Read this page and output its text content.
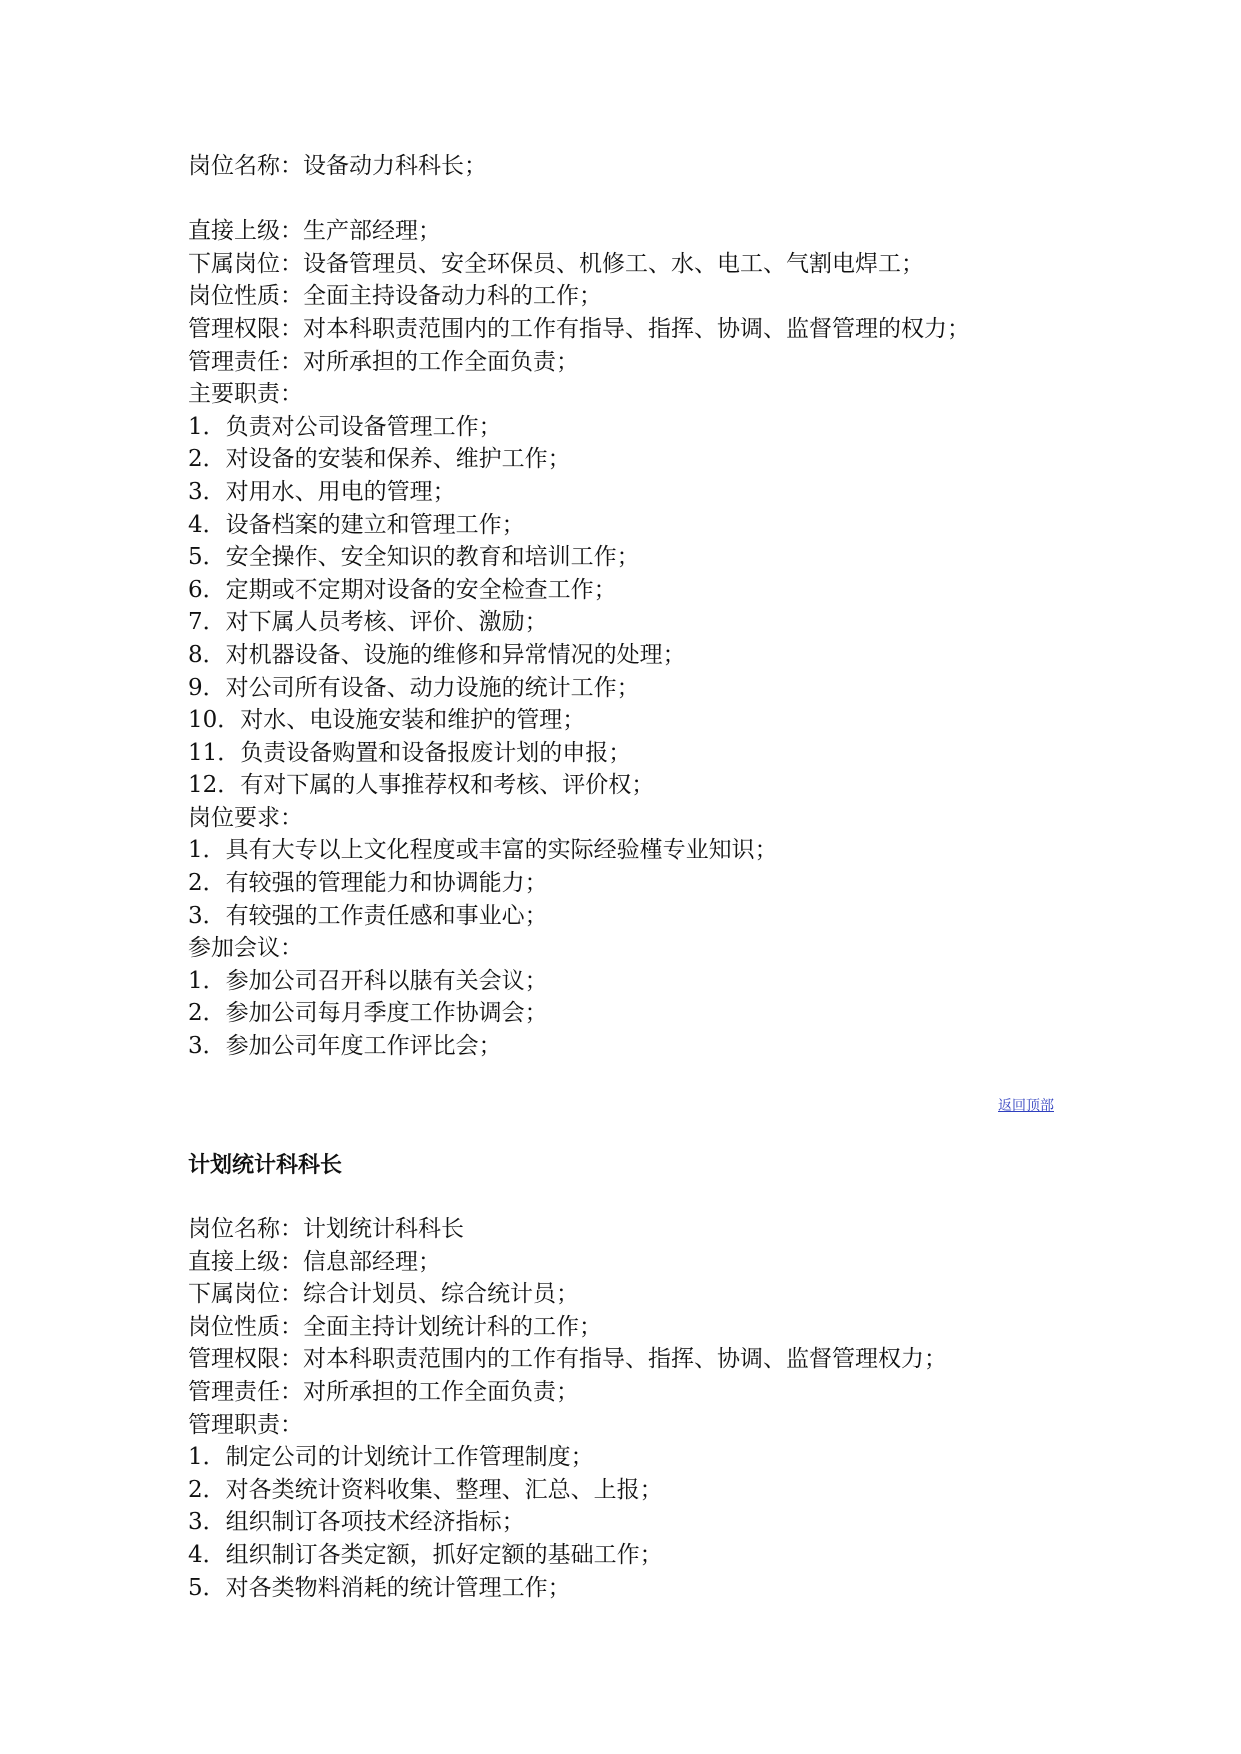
岗位名称：设备动力科科长；
直接上级：生产部经理；
下属岗位：设备管理员、安全环保员、机修工、水、电工、气割电焊工；
岗位性质：全面主持设备动力科的工作；
管理权限：对本科职责范围内的工作有指导、指挥、协调、监督管理的权力；
管理责任：对所承担的工作全面负责；
主要职责：
1．负责对公司设备管理工作；
2．对设备的安装和保养、维护工作；
3．对用水、用电的管理；
4．设备档案的建立和管理工作；
5．安全操作、安全知识的教育和培训工作；
6．定期或不定期对设备的安全检查工作；
7．对下属人员考核、评价、激励；
8．对机器设备、设施的维修和异常情况的处理；
9．对公司所有设备、动力设施的统计工作；
10．对水、电设施安装和维护的管理；
11．负责设备购置和设备报废计划的申报；
12．有对下属的人事推荐权和考核、评价权；
岗位要求：
1．具有大专以上文化程度或丰富的实际经验槿专业知识；
2．有较强的管理能力和协调能力；
3．有较强的工作责任感和事业心；
参加会议：
1．参加公司召开科以脿有关会议；
2．参加公司每月季度工作协调会；
3．参加公司年度工作评比会；
返回顶部
计划统计科科长
岗位名称：计划统计科科长
直接上级：信息部经理；
下属岗位：综合计划员、综合统计员；
岗位性质：全面主持计划统计科的工作；
管理权限：对本科职责范围内的工作有指导、指挥、协调、监督管理权力；
管理责任：对所承担的工作全面负责；
管理职责：
1．制定公司的计划统计工作管理制度；
2．对各类统计资料收集、整理、汇总、上报；
3．组织制订各项技术经济指标；
4．组织制订各类定额，抓好定额的基础工作；
5．对各类物料消耗的统计管理工作；
